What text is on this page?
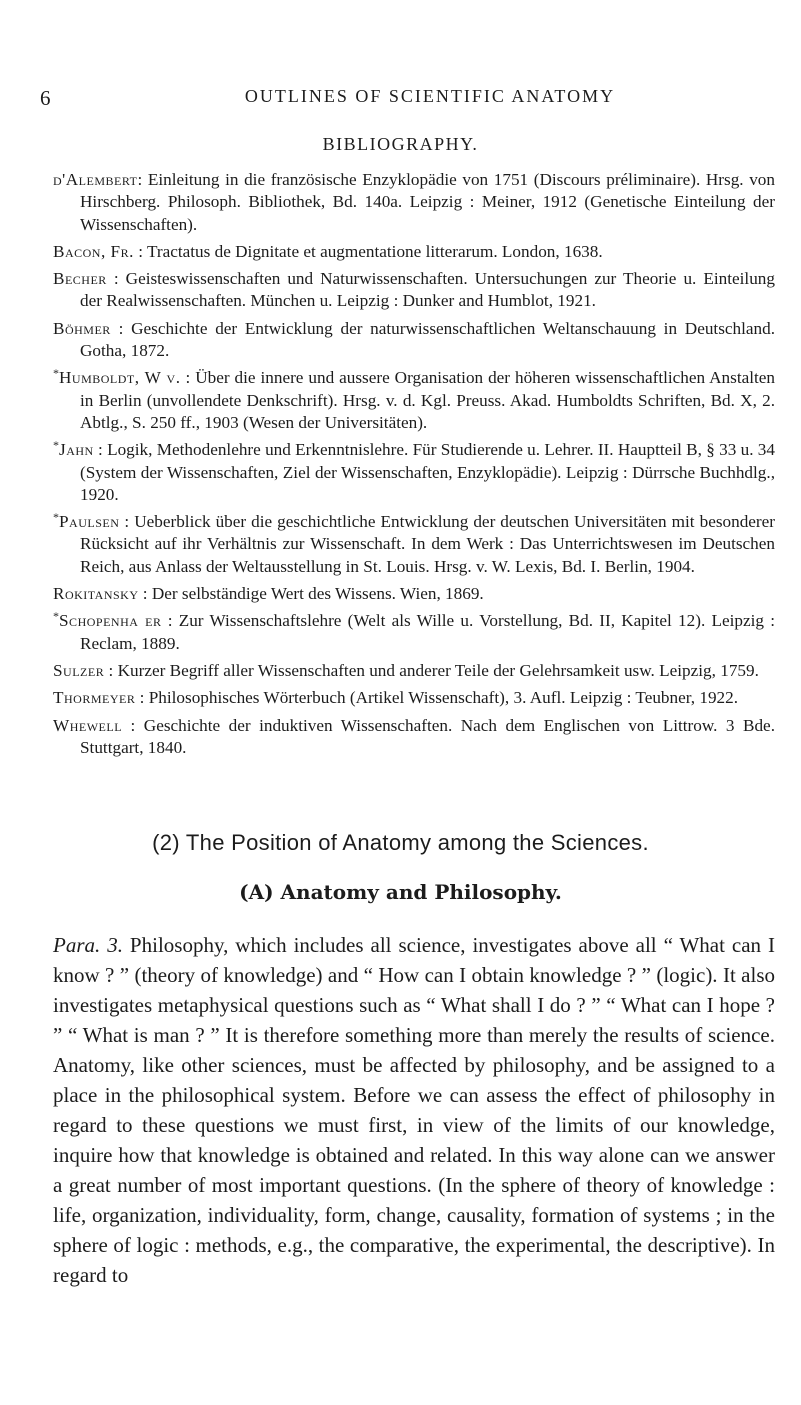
6	OUTLINES OF SCIENTIFIC ANATOMY
BIBLIOGRAPHY.
d'Alembert: Einleitung in die französische Enzyklopädie von 1751 (Discours préliminaire). Hrsg. von Hirschberg. Philosoph. Bibliothek, Bd. 140a. Leipzig : Meiner, 1912 (Genetische Einteilung der Wissenschaften).
Bacon, Fr. : Tractatus de Dignitate et augmentatione litterarum. London, 1638.
Becher : Geisteswissenschaften und Naturwissenschaften. Untersuchungen zur Theorie u. Einteilung der Realwissenschaften. München u. Leipzig : Dunker and Humblot, 1921.
Böhmer : Geschichte der Entwicklung der naturwissenschaftlichen Weltanschauung in Deutschland. Gotha, 1872.
*Humboldt, W v. : Über die innere und aussere Organisation der höheren wissenschaftlichen Anstalten in Berlin (unvollendete Denkschrift). Hrsg. v. d. Kgl. Preuss. Akad. Humboldts Schriften, Bd. X, 2. Abtlg., S. 250 ff., 1903 (Wesen der Universitäten).
*Jahn : Logik, Methodenlehre und Erkenntnislehre. Für Studierende u. Lehrer. II. Hauptteil B, § 33 u. 34 (System der Wissenschaften, Ziel der Wissenschaften, Enzyklopädie). Leipzig : Dürrsche Buchhdlg., 1920.
*Paulsen : Ueberblick über die geschichtliche Entwicklung der deutschen Universitäten mit besonderer Rücksicht auf ihr Verhältnis zur Wissenschaft. In dem Werk : Das Unterrichtswesen im Deutschen Reich, aus Anlass der Weltausstellung in St. Louis. Hrsg. v. W. Lexis, Bd. I. Berlin, 1904.
Rokitansky : Der selbständige Wert des Wissens. Wien, 1869.
*Schopenha er : Zur Wissenschaftslehre (Welt als Wille u. Vorstellung, Bd. II, Kapitel 12). Leipzig : Reclam, 1889.
Sulzer : Kurzer Begriff aller Wissenschaften und anderer Teile der Gelehrsamkeit usw. Leipzig, 1759.
Thormeyer : Philosophisches Wörterbuch (Artikel Wissenschaft), 3. Aufl. Leipzig : Teubner, 1922.
Whewell : Geschichte der induktiven Wissenschaften. Nach dem Englischen von Littrow. 3 Bde. Stuttgart, 1840.
(2) The Position of Anatomy among the Sciences.
(A) Anatomy and Philosophy.

Para. 3. Philosophy, which includes all science, investigates above all “ What can I know ? ” (theory of knowledge) and “ How can I obtain knowledge ? ” (logic). It also investigates metaphysical questions such as “ What shall I do ? ” “ What can I hope ? ” “ What is man ? ” It is therefore something more than merely the results of science. Anatomy, like other sciences, must be affected by philosophy, and be assigned to a place in the philosophical system. Before we can assess the effect of philosophy in regard to these questions we must first, in view of the limits of our knowledge, inquire how that knowledge is obtained and related. In this way alone can we answer a great number of most important questions. (In the sphere of theory of knowledge : life, organization, individuality, form, change, causality, formation of systems ; in the sphere of logic : methods, e.g., the comparative, the experimental, the descriptive). In regard to
